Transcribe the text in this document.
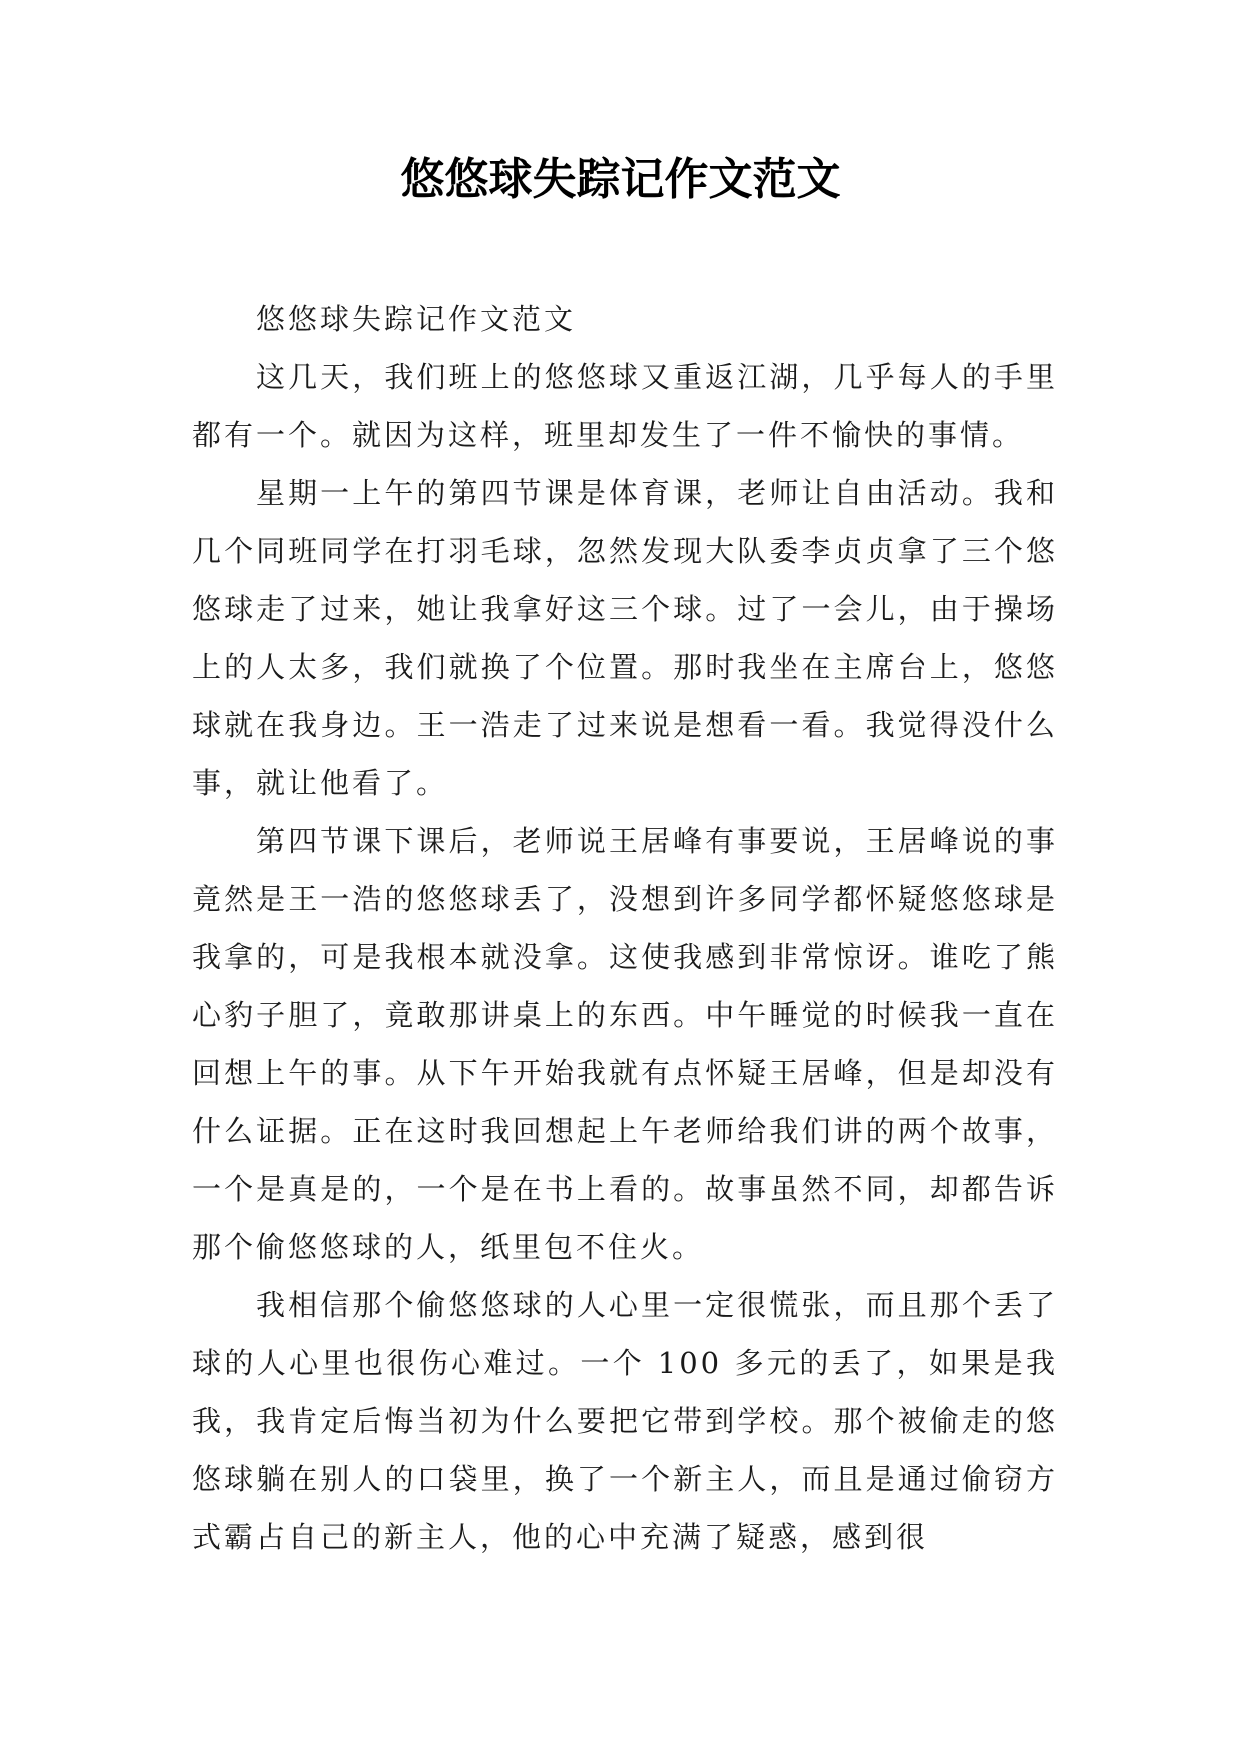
悠悠球失踪记作文范文

悠悠球失踪记作文范文

这几天，我们班上的悠悠球又重返江湖，几乎每人的手里都有一个。就因为这样，班里却发生了一件不愉快的事情。

星期一上午的第四节课是体育课，老师让自由活动。我和几个同班同学在打羽毛球，忽然发现大队委李贞贞拿了三个悠悠球走了过来，她让我拿好这三个球。过了一会儿，由于操场上的人太多，我们就换了个位置。那时我坐在主席台上，悠悠球就在我身边。王一浩走了过来说是想看一看。我觉得没什么事，就让他看了。

第四节课下课后，老师说王居峰有事要说，王居峰说的事竟然是王一浩的悠悠球丢了，没想到许多同学都怀疑悠悠球是我拿的，可是我根本就没拿。这使我感到非常惊讶。谁吃了熊心豹子胆了，竟敢那讲桌上的东西。中午睡觉的时候我一直在回想上午的事。从下午开始我就有点怀疑王居峰，但是却没有什么证据。正在这时我回想起上午老师给我们讲的两个故事，一个是真是的，一个是在书上看的。故事虽然不同，却都告诉那个偷悠悠球的人，纸里包不住火。

我相信那个偷悠悠球的人心里一定很慌张，而且那个丢了球的人心里也很伤心难过。一个 100 多元的丢了，如果是我我，我肯定后悔当初为什么要把它带到学校。那个被偷走的悠悠球躺在别人的口袋里，换了一个新主人，而且是通过偷窃方式霸占自己的新主人，他的心中充满了疑惑，感到很
